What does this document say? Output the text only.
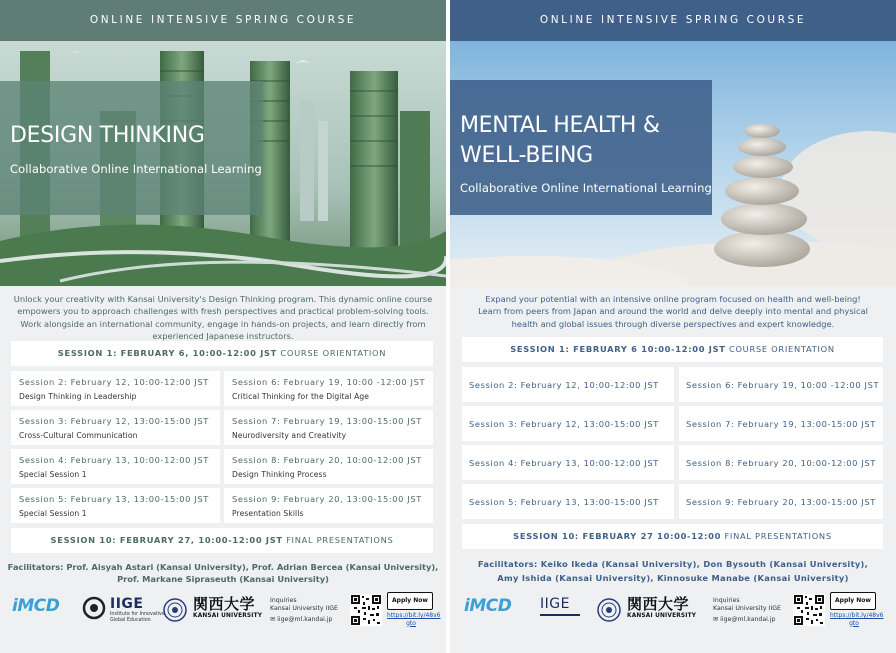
ONLINE INTENSIVE SPRING COURSE
DESIGN THINKING
Collaborative Online International Learning
Unlock your creativity with Kansai University's Design Thinking program. This dynamic online course empowers you to approach challenges with fresh perspectives and practical problem-solving tools. Work alongside an international community, engage in hands-on projects, and learn directly from experienced Japanese instructors.
SESSION 1: FEBRUARY 6, 10:00-12:00 JST COURSE ORIENTATION
SESSION 10: FEBRUARY 27, 10:00-12:00 JST FINAL PRESENTATIONS
Facilitators: Prof. Aisyah Astari (Kansai University), Prof. Adrian Bercea (Kansai University),
Prof. Markane Sipraseuth (Kansai University)
iMCD	IIGE
Institute for Innovative
Global Education
関西大学
KANSAI UNIVERSITY
Inquiries
Kansai University IIGE
✉ iige@ml.kandai.jp
Apply Now
https://bit.ly/48v6
gto
Session 2: February 12, 10:00-12:00 JST
Design Thinking in Leadership
Session 6: February 19, 10:00 -12:00 JST
Critical Thinking for the Digital Age
Session 3: February 12, 13:00-15:00 JST
Cross-Cultural Communication
Session 7: February 19, 13:00-15:00 JST
Neurodiversity and Creativity
Session 4: February 13, 10:00-12:00 JST
Special Session 1
Session 8: February 20, 10:00-12:00 JST
Design Thinking Process
Session 5: February 13, 13:00-15:00 JST
Special Session 1
Session 9: February 20, 13:00-15:00 JST
Presentation Skills
ONLINE INTENSIVE SPRING COURSE
MENTAL HEALTH &
WELL-BEING
Collaborative Online International Learning
Expand your potential with an intensive online program focused on health and well-being!
Learn from peers from Japan and around the world and delve deeply into mental and physical health and global issues through diverse perspectives and expert knowledge.
SESSION 1: FEBRUARY 6 10:00-12:00 JST COURSE ORIENTATION
SESSION 10: FEBRUARY 27 10:00-12:00 FINAL PRESENTATIONS
Facilitators: Keiko Ikeda (Kansai University), Don Bysouth (Kansai University),
Amy Ishida (Kansai University), Kinnosuke Manabe (Kansai University)
iMCD IIGE	関西大学
KANSAI UNIVERSITY
Inquiries
Kansai University IIGE
✉ iige@ml.kandai.jp
Apply Now
https://bit.ly/48v6
gto
Session 2: February 12, 10:00-12:00 JST	Session 6: February 19, 10:00 -12:00 JST
Session 3: February 12, 13:00-15:00 JST	Session 7: February 19, 13:00-15:00 JST
Session 4: February 13, 10:00-12:00 JST	Session 8: February 20, 10:00-12:00 JST
Session 5: February 13, 13:00-15:00 JST	Session 9: February 20, 13:00-15:00 JST
